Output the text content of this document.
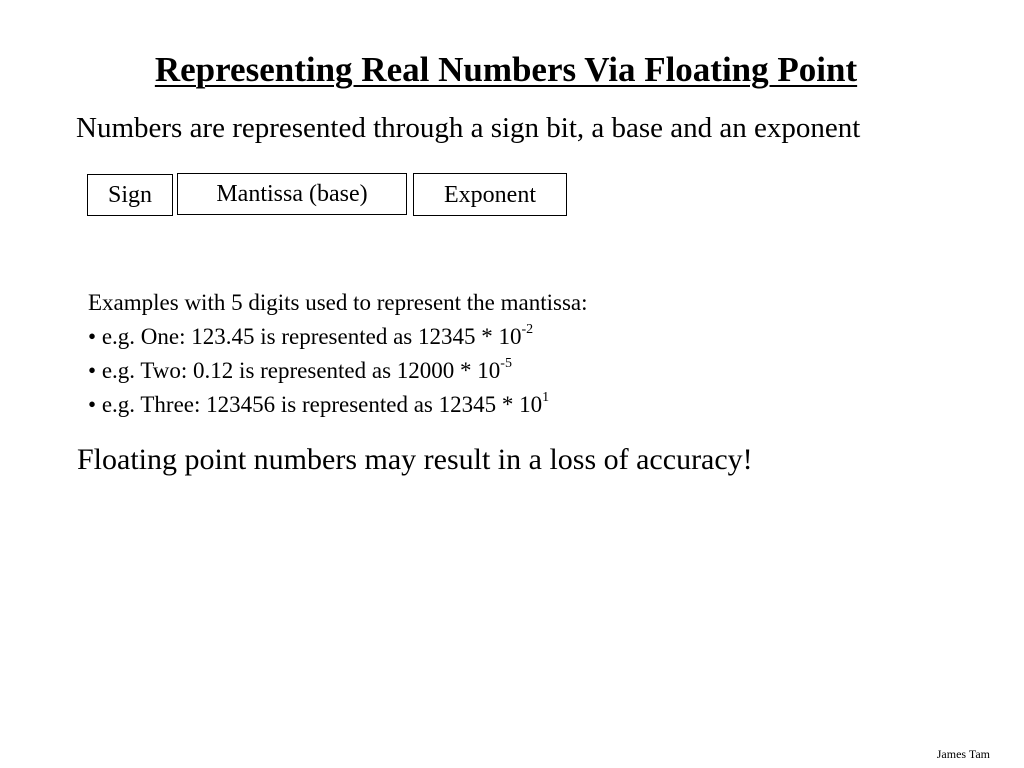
Representing Real Numbers Via Floating Point

Numbers are represented through a sign bit, a base and an exponent

Sign	Mantissa (base)	Exponent
Examples with 5 digits used to represent the mantissa:
• e.g. One: 123.45 is represented as $12345 * 10^{-2}$
• e.g. Two: 0.12 is represented as $12000 * 10^{-5}$
• e.g. Three: 123456 is represented as $12345 * 10^1$

Floating point numbers may result in a loss of accuracy!

James Tam
